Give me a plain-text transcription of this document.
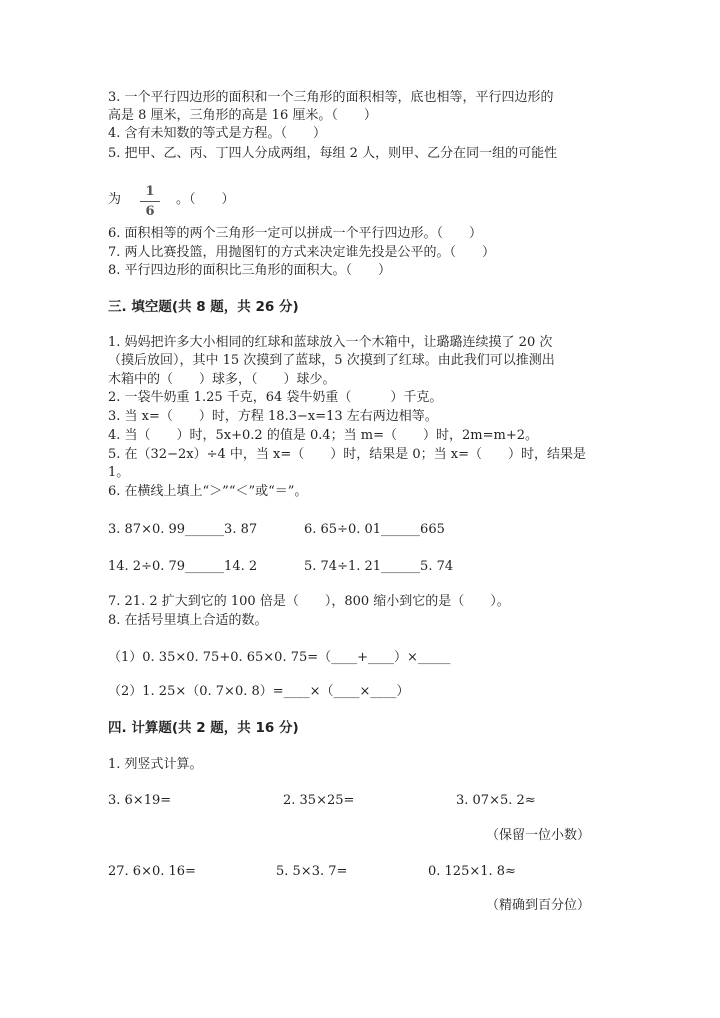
3. 一个平行四边形的面积和一个三角形的面积相等，底也相等，平行四边形的
高是 8 厘米，三角形的高是 16 厘米。（　　）
4. 含有未知数的等式是方程。（　　）
5. 把甲、乙、丙、丁四人分成两组，每组 2 人，则甲、乙分在同一组的可能性
为
1
6
。（　　）
6. 面积相等的两个三角形一定可以拼成一个平行四边形。（　　）
7. 两人比赛投篮，用抛图钉的方式来决定谁先投是公平的。（　　）
8. 平行四边形的面积比三角形的面积大。（　　）
三. 填空题(共 8 题，共 26 分)
1. 妈妈把许多大小相同的红球和蓝球放入一个木箱中，让璐璐连续摸了 20 次
（摸后放回），其中 15 次摸到了蓝球，5 次摸到了红球。由此我们可以推测出
木箱中的（　　）球多，（　　）球少。
2. 一袋牛奶重 1.25 千克，64 袋牛奶重（　　　）千克。
3. 当 x=（　　）时，方程 18.3−x=13 左右两边相等。
4. 当（　　）时，5x+0.2 的值是 0.4；当 m=（　　）时，2m=m+2。
5. 在（32−2x）÷4 中，当 x=（　　）时，结果是 0；当 x=（　　）时，结果是
1。
6. 在横线上填上“＞”“＜”或“＝”。
3. 87×0. 99______3. 87	6. 65÷0. 01______665
14. 2÷0. 79______14. 2	5. 74÷1. 21______5. 74
7. 21. 2 扩大到它的 100 倍是（　　），800 缩小到它的是（　　）。
8. 在括号里填上合适的数。
（1）0. 35×0. 75+0. 65×0. 75=（____+____）×_____
（2）1. 25×（0. 7×0. 8）=____×（____×____）
四. 计算题(共 2 题，共 16 分)
1. 列竖式计算。
3. 6×19=	2. 35×25=	3. 07×5. 2≈
（保留一位小数）
27. 6×0. 16=	5. 5×3. 7=	0. 125×1. 8≈
（精确到百分位）
